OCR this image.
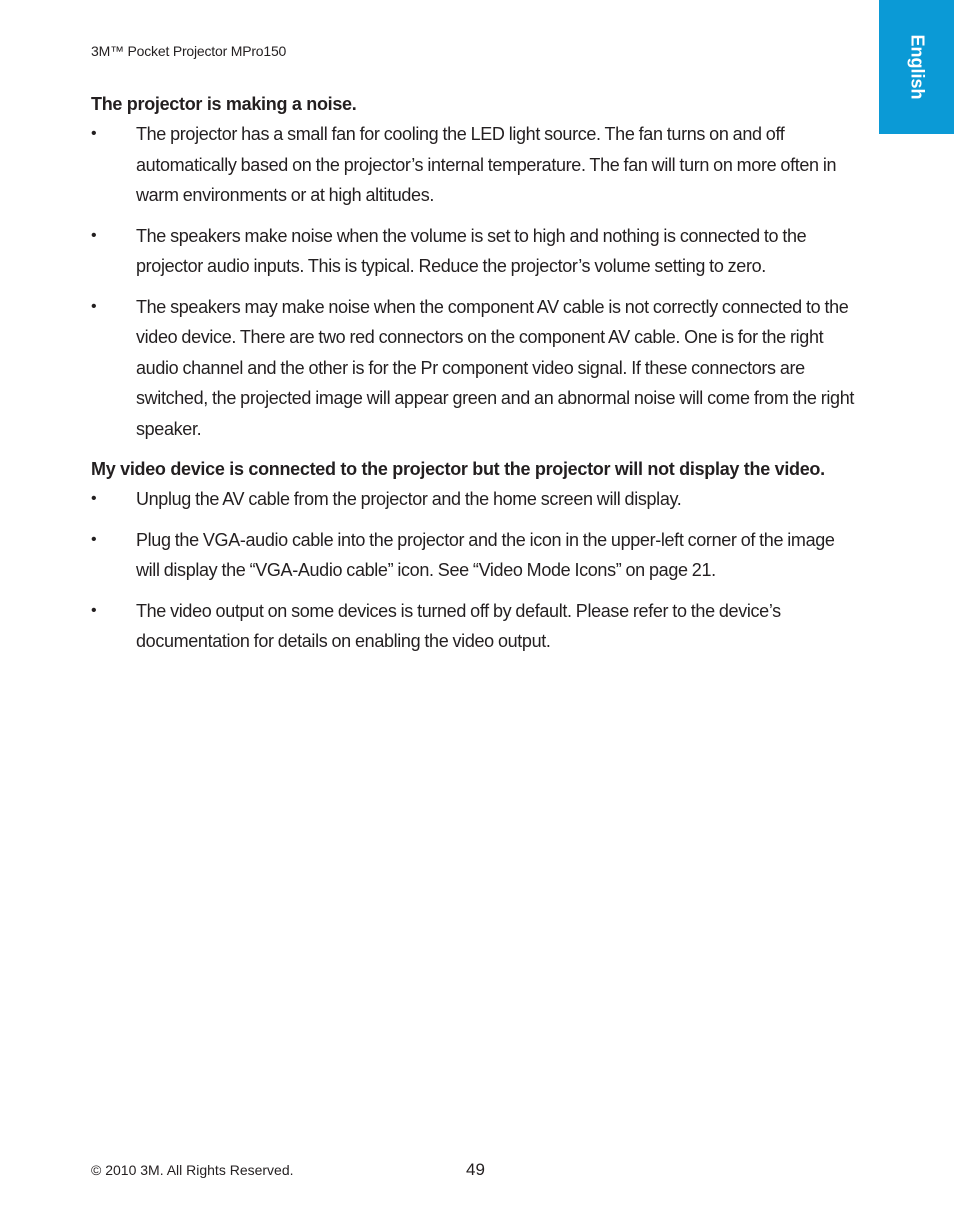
3M™ Pocket Projector MPro150	English
The projector is making a noise.
• The projector has a small fan for cooling the LED light source. The fan turns on and off automatically based on the projector’s internal temperature. The fan will turn on more often in warm environments or at high altitudes.
• The speakers make noise when the volume is set to high and nothing is connected to the projector audio inputs. This is typical. Reduce the projector’s volume setting to zero.
• The speakers may make noise when the component AV cable is not correctly connected to the video device. There are two red connectors on the component AV cable. One is for the right audio channel and the other is for the Pr component video signal. If these connectors are switched, the projected image will appear green and an abnormal noise will come from the right speaker.
My video device is connected to the projector but the projector will not display the video.
• Unplug the AV cable from the projector and the home screen will display.
• Plug the VGA-audio cable into the projector and the icon in the upper-left corner of the image will display the “VGA-Audio cable” icon. See “Video Mode Icons” on page 21.
• The video output on some devices is turned off by default. Please refer to the device’s documentation for details on enabling the video output.
© 2010 3M. All Rights Reserved.	49
